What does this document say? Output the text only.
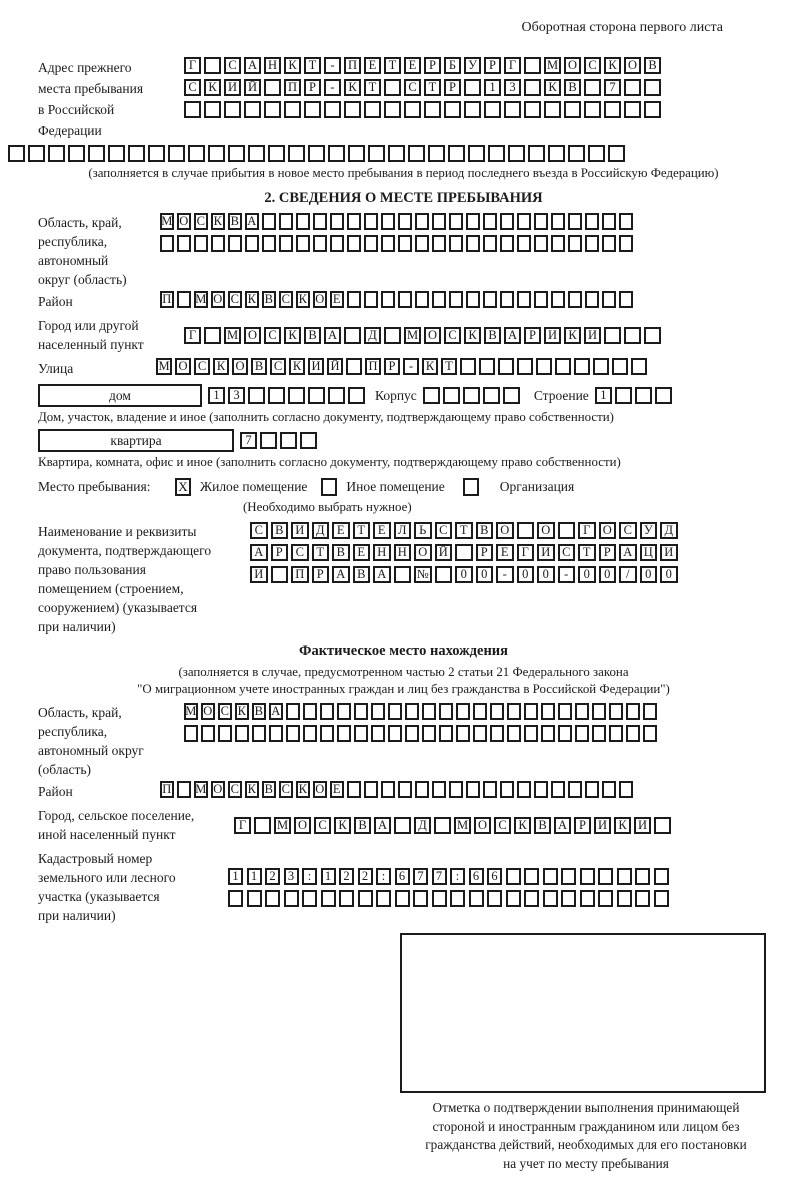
Оборотная сторона первого листа
Адрес прежнего
места пребывания
в Российской
Федерации
Г	С А Н К Т	-	П Е Т Е	Р	Б У Р	Г	М О С К О В
С К И Й	П Р	-	К Т	С Т	Р	1	3	К В	7
(заполняется в случае прибытия в новое место пребывания в период последнего въезда в Российскую Федерацию)
2. СВЕДЕНИЯ О МЕСТЕ ПРЕБЫВАНИЯ
Область, край,
республика,
автономный
округ (область)
М О С К В А
Район	П М О С К В С К О Е
Город или другой
населенный пункт
Г	М О С К В А	Д	М О С К В А Р И К И
Улица	М О С К О В С К И Й П Р	-	К Т
дом	1	3	Корпус	Строение 1
Дом, участок, владение и иное (заполнить согласно документу, подтверждающему право собственности)
квартира	7
Квартира, комната, офис и иное (заполнить согласно документу, подтверждающему право собственности)
Место пребывания:	X Жилое помещение	Иное помещение	Организация
(Необходимо выбрать нужное)
Наименование и реквизиты
документа, подтверждающего
право пользования
помещением (строением,
сооружением) (указывается
при наличии)
С В И Д Е	Т	Е Л	Ь	С	Т	В О	О	Г О С У Д
А	Р	С	Т	В	Е Н Н О Й	Р	Е	Г И С	Т	Р	А Ц И
И	П	Р	А В А	№	0	0	-	0	0	-	0	0	/	0	0
Фактическое место нахождения
(заполняется в случае, предусмотренном частью 2 статьи 21 Федерального закона
"О миграционном учете иностранных граждан и лиц без гражданства в Российской Федерации")
Область, край,
республика,
автономный округ
(область)
М О С К В А
Район	П М О С К В С К О Е
Город, сельское поселение,
иной населенный пункт
Г	М О С К В А	Д	М О С К В А Р И К И
Кадастровый номер
земельного или лесного
участка (указывается
при наличии)
1 1 2 3	:	1 2 2	:	6 7 7	:	6 6
Отметка о подтверждении выполнения принимающей
стороной и иностранным гражданином или лицом без
гражданства действий, необходимых для его постановки
на учет по месту пребывания
